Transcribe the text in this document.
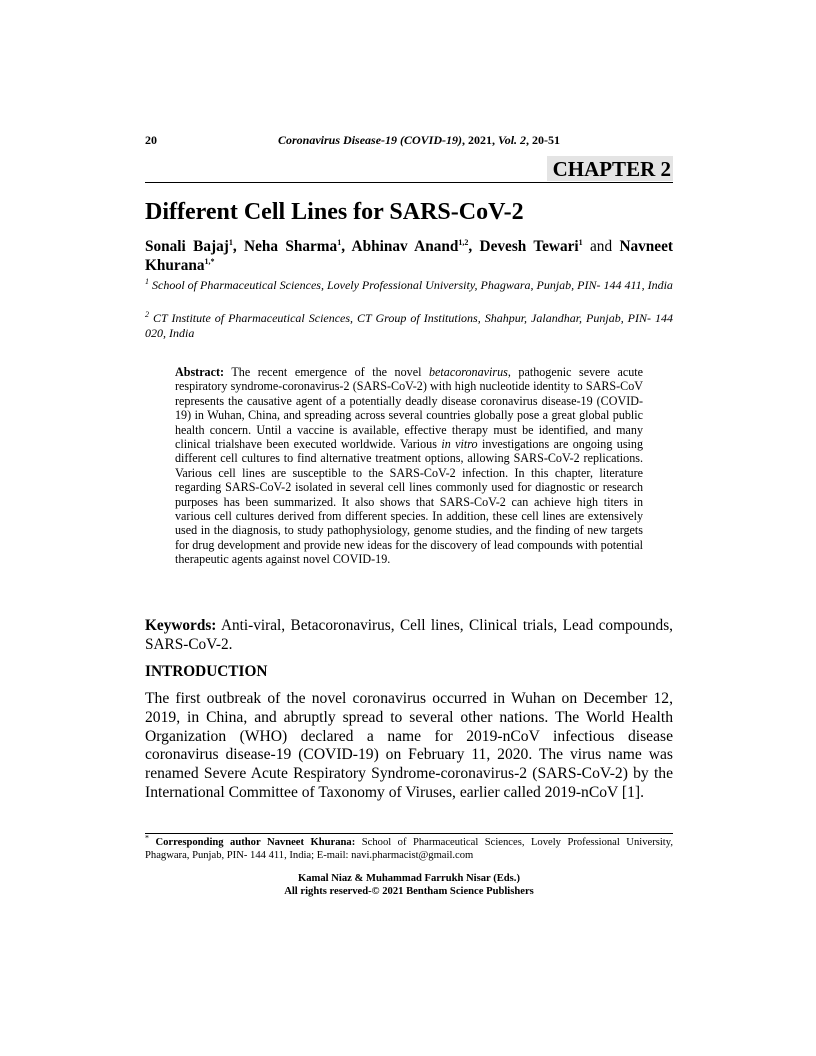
20	Coronavirus Disease-19 (COVID-19), 2021, Vol. 2, 20-51
CHAPTER 2
Different Cell Lines for SARS-CoV-2
Sonali Bajaj$^1$, Neha Sharma$^1$, Abhinav Anand$^{1,2}$, Devesh Tewari$^1$ and Navneet Khurana$^{1,*}$
$^1$ School of Pharmaceutical Sciences, Lovely Professional University, Phagwara, Punjab, PIN- 144 411, India
$^2$ CT Institute of Pharmaceutical Sciences, CT Group of Institutions, Shahpur, Jalandhar, Punjab, PIN- 144 020, India
Abstract: The recent emergence of the novel betacoronavirus, pathogenic severe acute respiratory syndrome-coronavirus-2 (SARS-CoV-2) with high nucleotide identity to SARS-CoV represents the causative agent of a potentially deadly disease coronavirus disease-19 (COVID-19) in Wuhan, China, and spreading across several countries globally pose a great global public health concern. Until a vaccine is available, effective therapy must be identified, and many clinical trialshave been executed worldwide. Various in vitro investigations are ongoing using different cell cultures to find alternative treatment options, allowing SARS-CoV-2 replications. Various cell lines are susceptible to the SARS-CoV-2 infection. In this chapter, literature regarding SARS-CoV-2 isolated in several cell lines commonly used for diagnostic or research purposes has been summarized. It also shows that SARS-CoV-2 can achieve high titers in various cell cultures derived from different species. In addition, these cell lines are extensively used in the diagnosis, to study pathophysiology, genome studies, and the finding of new targets for drug development and provide new ideas for the discovery of lead compounds with potential therapeutic agents against novel COVID-19.
Keywords: Anti-viral, Betacoronavirus, Cell lines, Clinical trials, Lead compounds, SARS-CoV-2.
INTRODUCTION

The first outbreak of the novel coronavirus occurred in Wuhan on December 12, 2019, in China, and abruptly spread to several other nations. The World Health Organization (WHO) declared a name for 2019-nCoV infectious disease coronavirus disease-19 (COVID-19) on February 11, 2020. The virus name was renamed Severe Acute Respiratory Syndrome-coronavirus-2 (SARS-CoV-2) by the International Committee of Taxonomy of Viruses, earlier called 2019-nCoV [1].

* Corresponding author Navneet Khurana: School of Pharmaceutical Sciences, Lovely Professional University, Phagwara, Punjab, PIN- 144 411, India; E-mail: navi.pharmacist@gmail.com
Kamal Niaz & Muhammad Farrukh Nisar (Eds.)
All rights reserved-© 2021 Bentham Science Publishers
